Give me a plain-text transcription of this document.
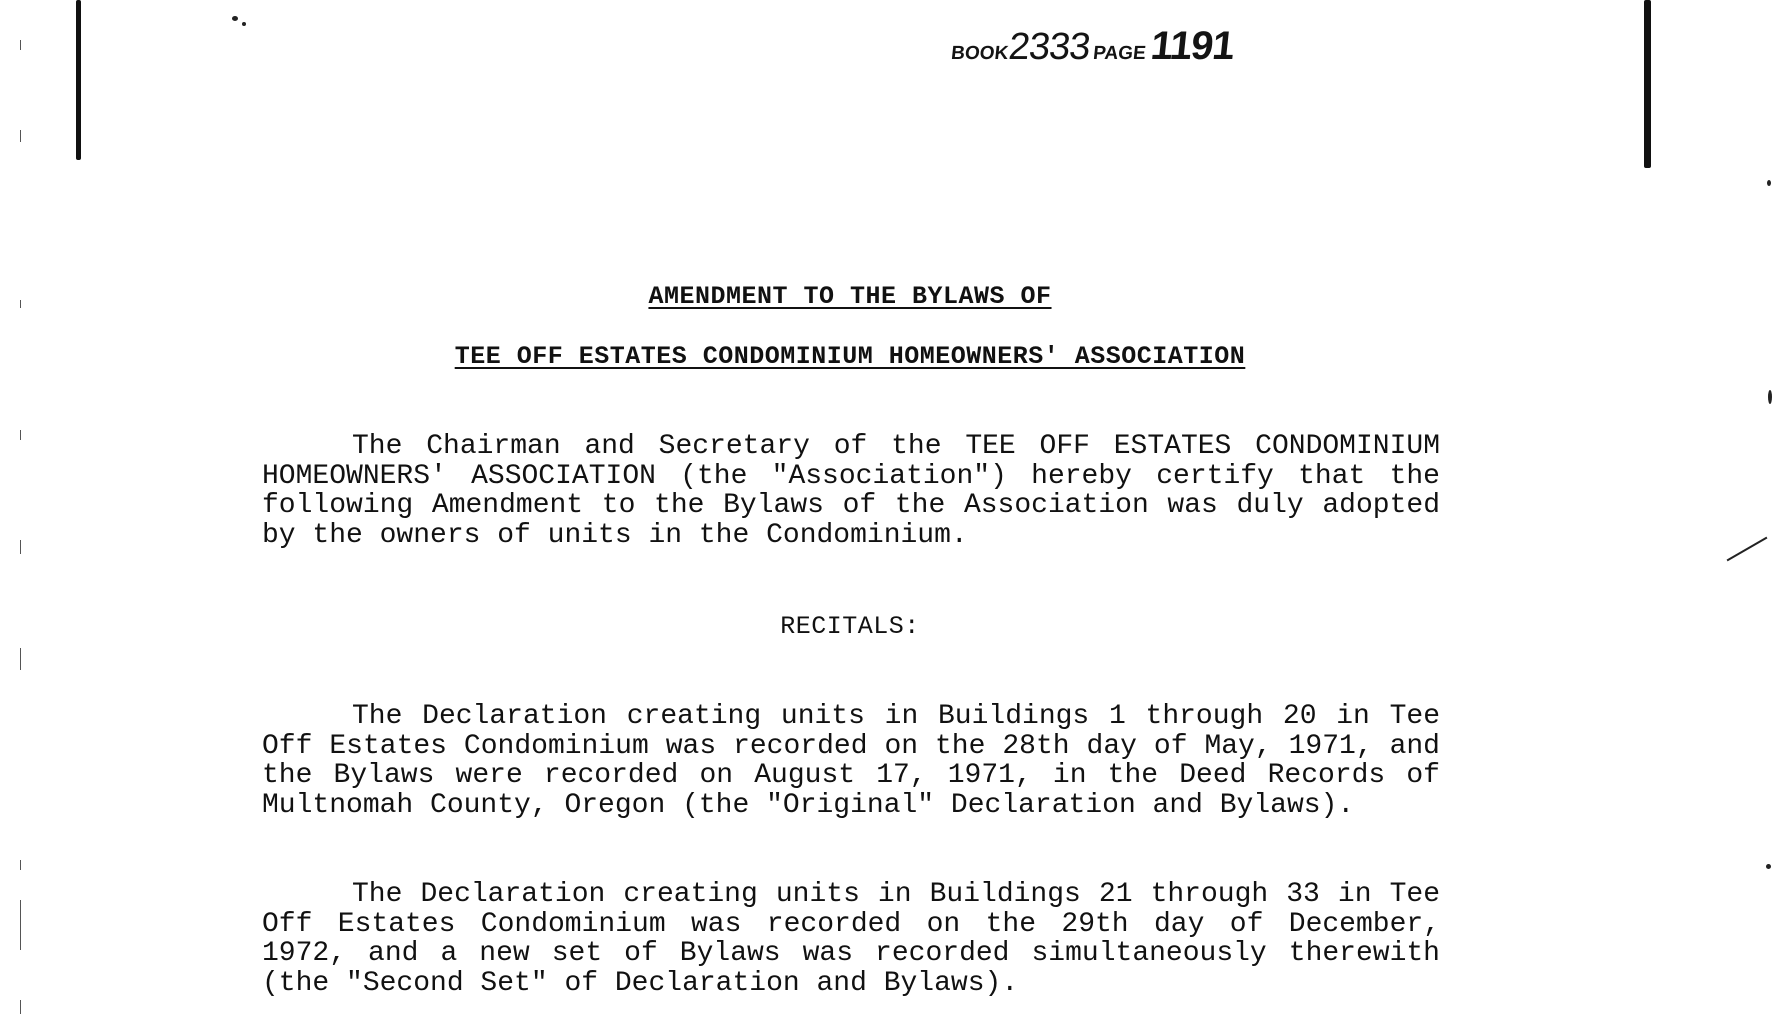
BOOK2333 PAGE 1191
AMENDMENT TO THE BYLAWS OF
TEE OFF ESTATES CONDOMINIUM HOMEOWNERS' ASSOCIATION

The Chairman and Secretary of the TEE OFF ESTATES CONDOMINIUM HOMEOWNERS' ASSOCIATION (the "Association") hereby certify that the following Amendment to the Bylaws of the Association was duly adopted by the owners of units in the Condominium.

RECITALS:

The Declaration creating units in Buildings 1 through 20 in Tee Off Estates Condominium was recorded on the 28th day of May, 1971, and the Bylaws were recorded on August 17, 1971, in the Deed Records of Multnomah County, Oregon (the "Original" Declaration and Bylaws).

The Declaration creating units in Buildings 21 through 33 in Tee Off Estates Condominium was recorded on the 29th day of December, 1972, and a new set of Bylaws was recorded simultaneously therewith (the "Second Set" of Declaration and Bylaws).
